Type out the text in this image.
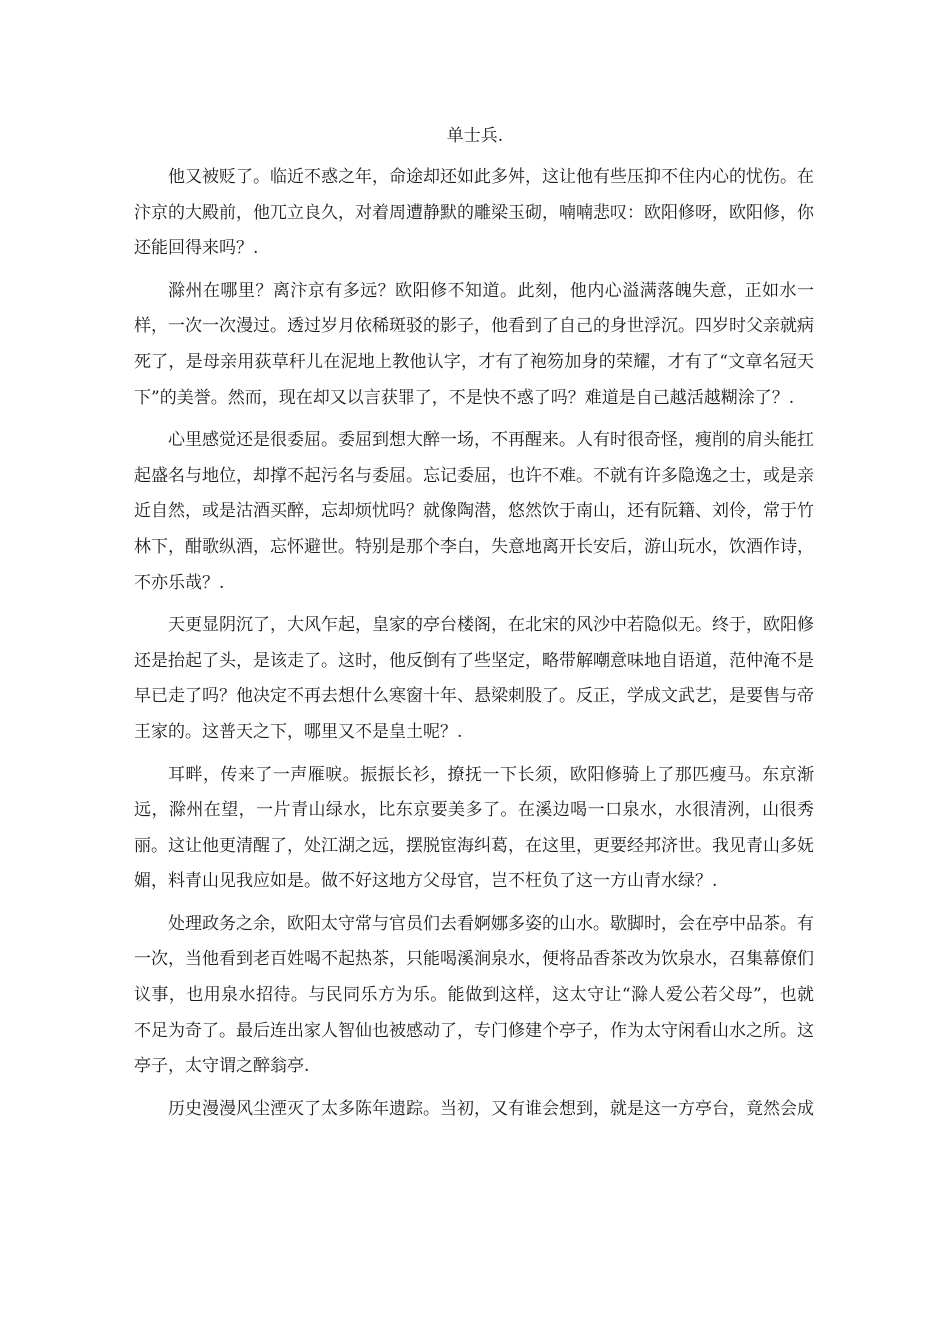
单士兵.

他又被贬了。临近不惑之年，命途却还如此多舛，这让他有些压抑不住内心的忧伤。在汴京的大殿前，他兀立良久，对着周遭静默的雕梁玉砌，喃喃悲叹：欧阳修呀，欧阳修，你还能回得来吗？.

滁州在哪里？离汴京有多远？欧阳修不知道。此刻，他内心溢满落魄失意，正如水一样，一次一次漫过。透过岁月依稀斑驳的影子，他看到了自己的身世浮沉。四岁时父亲就病死了，是母亲用荻草秆儿在泥地上教他认字，才有了袍笏加身的荣耀，才有了“文章名冠天下”的美誉。然而，现在却又以言获罪了，不是快不惑了吗？难道是自己越活越糊涂了？.

心里感觉还是很委屈。委屈到想大醉一场，不再醒来。人有时很奇怪，瘦削的肩头能扛起盛名与地位，却撑不起污名与委屈。忘记委屈，也许不难。不就有许多隐逸之士，或是亲近自然，或是沽酒买醉，忘却烦忧吗？就像陶潜，悠然饮于南山，还有阮籍、刘伶，常于竹林下，酣歌纵酒，忘怀避世。特别是那个李白，失意地离开长安后，游山玩水，饮酒作诗，不亦乐哉？.

天更显阴沉了，大风乍起，皇家的亭台楼阁，在北宋的风沙中若隐似无。终于，欧阳修还是抬起了头，是该走了。这时，他反倒有了些坚定，略带解嘲意味地自语道，范仲淹不是早已走了吗？他决定不再去想什么寒窗十年、悬梁刺股了。反正，学成文武艺，是要售与帝王家的。这普天之下，哪里又不是皇土呢？.

耳畔，传来了一声雁唳。振振长衫，撩抚一下长须，欧阳修骑上了那匹瘦马。东京渐远，滁州在望，一片青山绿水，比东京要美多了。在溪边喝一口泉水，水很清洌，山很秀丽。这让他更清醒了，处江湖之远，摆脱宦海纠葛，在这里，更要经邦济世。我见青山多妩媚，料青山见我应如是。做不好这地方父母官，岂不枉负了这一方山青水绿？.

处理政务之余，欧阳太守常与官员们去看婀娜多姿的山水。歇脚时，会在亭中品茶。有一次，当他看到老百姓喝不起热茶，只能喝溪涧泉水，便将品香茶改为饮泉水，召集幕僚们议事，也用泉水招待。与民同乐方为乐。能做到这样，这太守让“滁人爱公若父母”，也就不足为奇了。最后连出家人智仙也被感动了，专门修建个亭子，作为太守闲看山水之所。这亭子，太守谓之醉翁亭.

历史漫漫风尘湮灭了太多陈年遗踪。当初，又有谁会想到，就是这一方亭台，竟然会成
